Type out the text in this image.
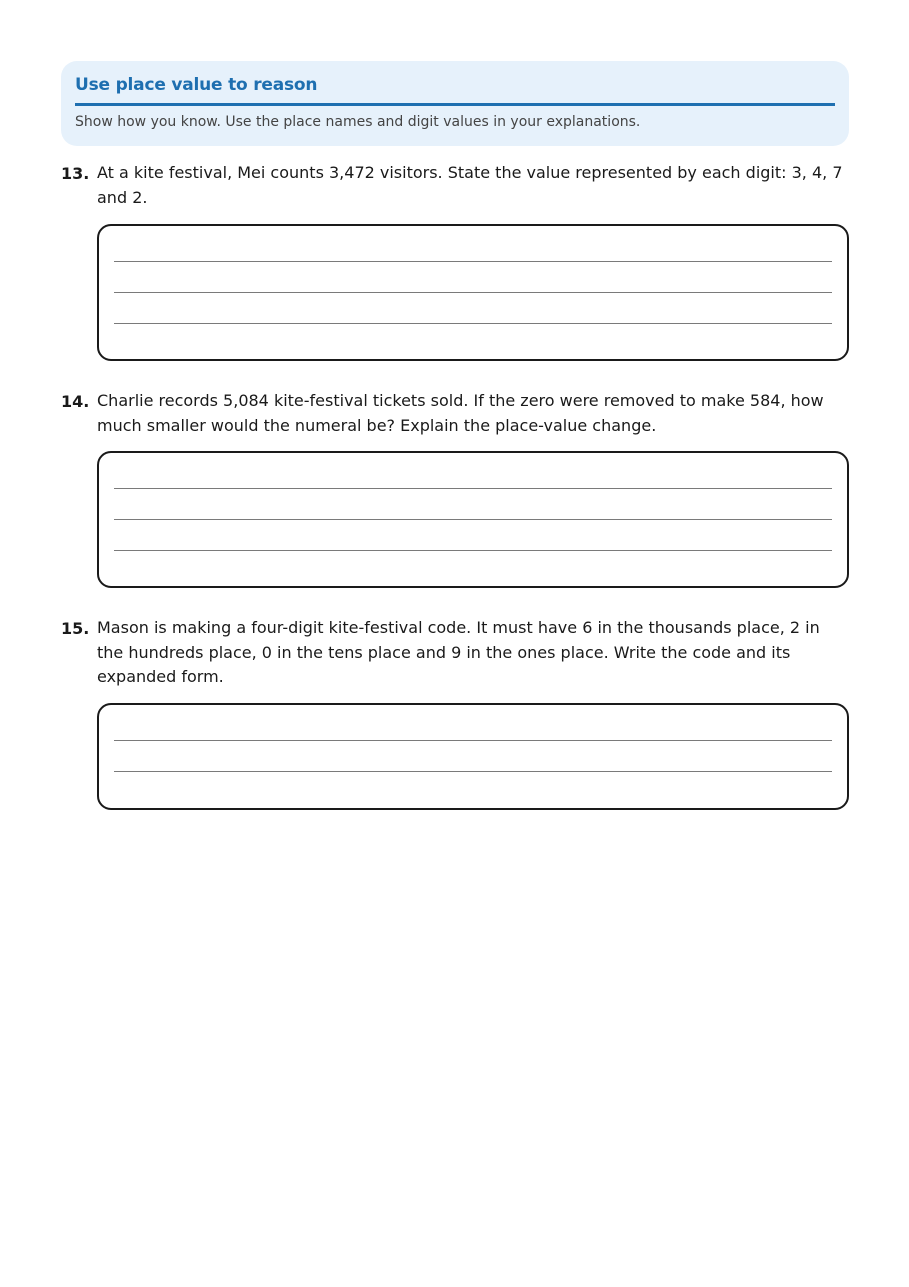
Use place value to reason
Show how you know. Use the place names and digit values in your explanations.
13. At a kite festival, Mei counts 3,472 visitors. State the value represented by each digit: 3, 4, 7 and 2.
14. Charlie records 5,084 kite-festival tickets sold. If the zero were removed to make 584, how much smaller would the numeral be? Explain the place-value change.
15. Mason is making a four-digit kite-festival code. It must have 6 in the thousands place, 2 in the hundreds place, 0 in the tens place and 9 in the ones place. Write the code and its expanded form.
